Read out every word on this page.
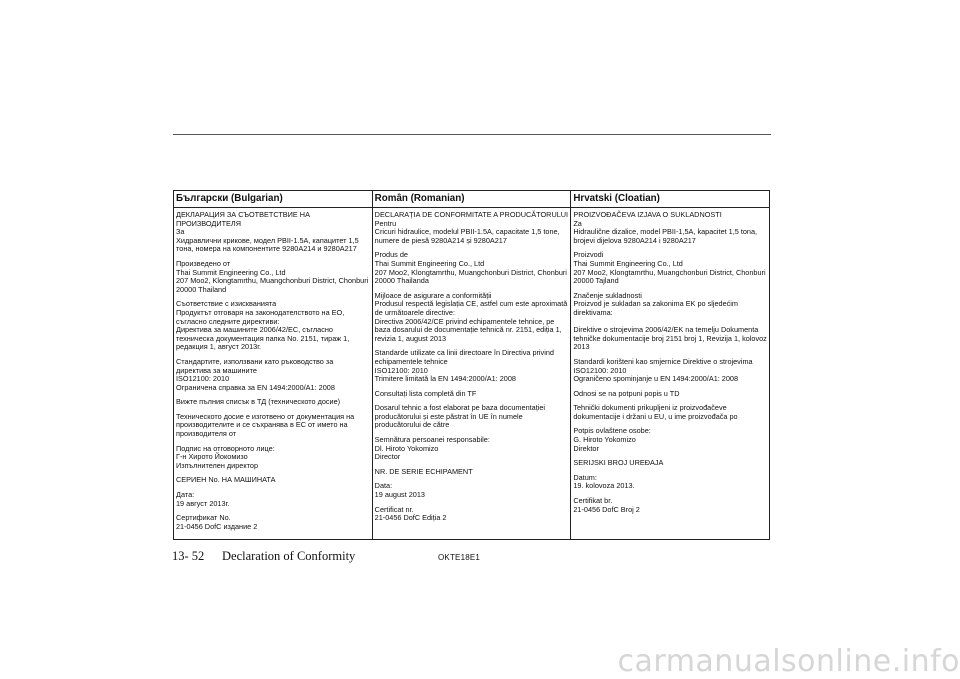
Български (Bulgarian)
ДЕКЛАРАЦИЯ ЗА СЪОТВЕТСТВИЕ НА ПРОИЗВОДИТЕЛЯ
За
Хидравлични крикове, модел PBII-1.5A, капацитет 1,5 тона, номера на компонентите 9280A214 и 9280A217
Произведено от
Thai Summit Engineering Co., Ltd
207 Moo2, Klongtamrthu, Muangchonburi District, Chonburi 20000 Thailand
Съответствие с изискванията
Продуктът отговаря на законодателството на ЕО, съгласно следните директиви:
Директива за машините 2006/42/ЕС, съгласно техническа документация папка No. 2151, тираж 1, редакция 1, август 2013г.
Стандартите, използвани като ръководство за директива за машините
ISO12100: 2010
Ограничена справка за EN 1494:2000/A1: 2008
Вижте пълния списък в ТД (техническото досие)
Техническото досие е изготвено от документация на производителите и се съхранява в ЕС от името на производителя от
Подпис на отговорното лице:
Г-н Хирото Йокомизо
Изпълнителен директор
СЕРИЕН No. НА МАШИНАТА
Дата:
19 август 2013г.
Сертификат No.
21-0456 DofC издание 2
Român (Romanian)
DECLARAȚIA DE CONFORMITATE A PRODUCĂTORULUI
Pentru
Cricuri hidraulice, modelul PBII-1.5A, capacitate 1,5 tone, numere de piesă 9280A214 și 9280A217
Produs de
Thai Summit Engineering Co., Ltd
207 Moo2, Klongtamrthu, Muangchonburi District, Chonburi 20000 Thailanda
Mijloace de asigurare a conformității
Produsul respectă legislația CE, astfel cum este aproximată de următoarele directive:
Directiva 2006/42/CE privind echipamentele tehnice, pe baza dosarului de documentație tehnică nr. 2151, ediția 1, revizia 1, august 2013
Standarde utilizate ca linii directoare în Directiva privind echipamentele tehnice
ISO12100: 2010
Trimitere limitată la EN 1494:2000/A1: 2008
Consultați lista completă din TF
Dosarul tehnic a fost elaborat pe baza documentației producătorului și este păstrat în UE în numele producătorului de către
Semnătura persoanei responsabile:
Dl. Hiroto Yokomizo
Director
NR. DE SERIE ECHIPAMENT
Data:
19 august 2013
Certificat nr.
21-0456 DofC Ediția 2
Hrvatski (Cloatian)
PROIZVOĐAČEVA IZJAVA O SUKLADNOSTI
Za
Hidraulične dizalice, model PBII-1,5A, kapacitet 1,5 tona, brojevi dijelova 9280A214 i 9280A217
Proizvodi
Thai Summit Engineering Co., Ltd
207 Moo2, Klongtamrthu, Muangchonburi District, Chonburi 20000 Tajland
Značenje sukladnosti
Proizvod je sukladan sa zakonima EK po sljedećim direktivama:

Direktive o strojevima 2006/42/EK na temelju Dokumenta tehničke dokumentacije broj 2151 broj 1, Revizija 1, kolovoz 2013
Standardi korišteni kao smjernice Direktive o strojevima
ISO12100: 2010
Ograničeno spominjanje u EN 1494:2000/A1: 2008
Odnosi se na potpuni popis u TD
Tehnički dokumenti prikupljeni iz proizvođačeve dokumentacije i držani u EU, u ime proizvođača po
Potpis ovlaštene osobe:
G. Hiroto Yokomizo
Direktor
SERIJSKI BROJ UREĐAJA
Datum:
19. kolovoza 2013.
Certifikat br.
21-0456 DofC Broj 2
13- 52 Declaration of Conformity	OKTE18E1
carmanualsonline.info
